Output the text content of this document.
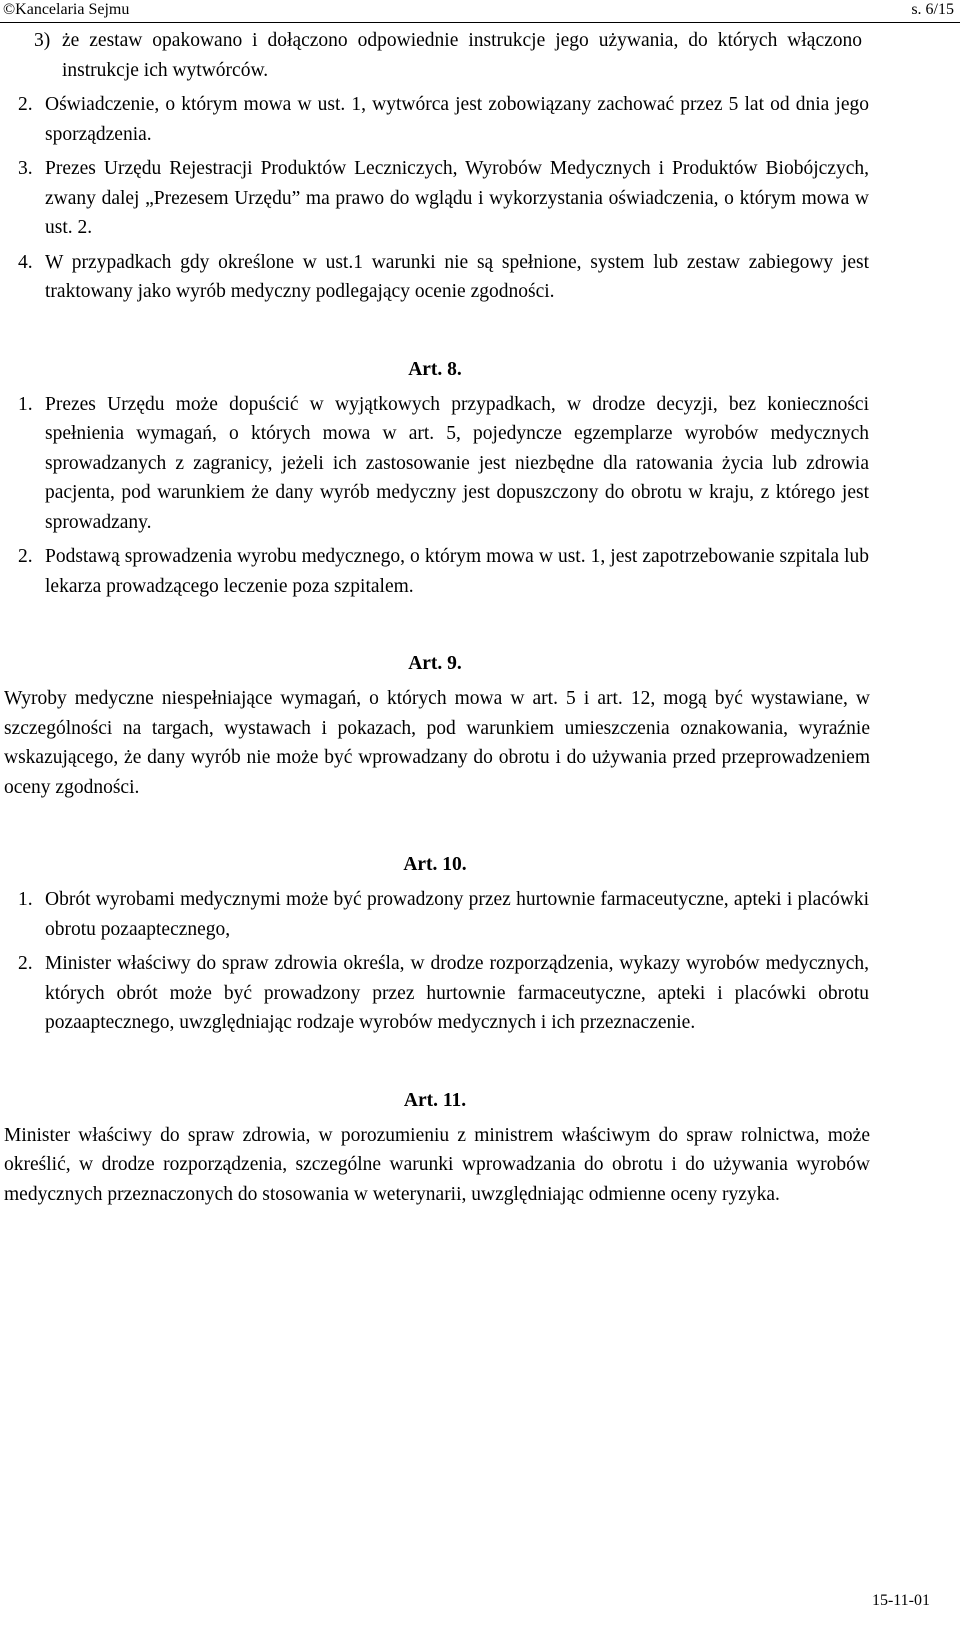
©Kancelaria Sejmu	s. 6/15
3) że zestaw opakowano i dołączono odpowiednie instrukcje jego używania, do których włączono instrukcje ich wytwórców.
2. Oświadczenie, o którym mowa w ust. 1, wytwórca jest zobowiązany zachować przez 5 lat od dnia jego sporządzenia.
3. Prezes Urzędu Rejestracji Produktów Leczniczych, Wyrobów Medycznych i Produktów Biobójczych, zwany dalej „Prezesem Urzędu” ma prawo do wglądu i wykorzystania oświadczenia, o którym mowa w ust. 2.
4. W przypadkach gdy określone w ust.1 warunki nie są spełnione, system lub zestaw zabiegowy jest traktowany jako wyrób medyczny podlegający ocenie zgodności.
Art. 8.
1. Prezes Urzędu może dopuścić w wyjątkowych przypadkach, w drodze decyzji, bez konieczności spełnienia wymagań, o których mowa w art. 5, pojedyncze egzemplarze wyrobów medycznych sprowadzanych z zagranicy, jeżeli ich zastosowanie jest niezbędne dla ratowania życia lub zdrowia pacjenta, pod warunkiem że dany wyrób medyczny jest dopuszczony do obrotu w kraju, z którego jest sprowadzany.
2. Podstawą sprowadzenia wyrobu medycznego, o którym mowa w ust. 1, jest zapotrzebowanie szpitala lub lekarza prowadzącego leczenie poza szpitalem.
Art. 9.
Wyroby medyczne niespełniające wymagań, o których mowa w art. 5 i art. 12, mogą być wystawiane, w szczególności na targach, wystawach i pokazach, pod warunkiem umieszczenia oznakowania, wyraźnie wskazującego, że dany wyrób nie może być wprowadzany do obrotu i do używania przed przeprowadzeniem oceny zgodności.
Art. 10.
1. Obrót wyrobami medycznymi może być prowadzony przez hurtownie farmaceutyczne, apteki i placówki obrotu pozaaptecznego,
2. Minister właściwy do spraw zdrowia określa, w drodze rozporządzenia, wykazy wyrobów medycznych, których obrót może być prowadzony przez hurtownie farmaceutyczne, apteki i placówki obrotu pozaaptecznego, uwzględniając rodzaje wyrobów medycznych i ich przeznaczenie.
Art. 11.
Minister właściwy do spraw zdrowia, w porozumieniu z ministrem właściwym do spraw rolnictwa, może określić, w drodze rozporządzenia, szczególne warunki wprowadzania do obrotu i do używania wyrobów medycznych przeznaczonych do stosowania w weterynarii, uwzględniając odmienne oceny ryzyka.
15-11-01
